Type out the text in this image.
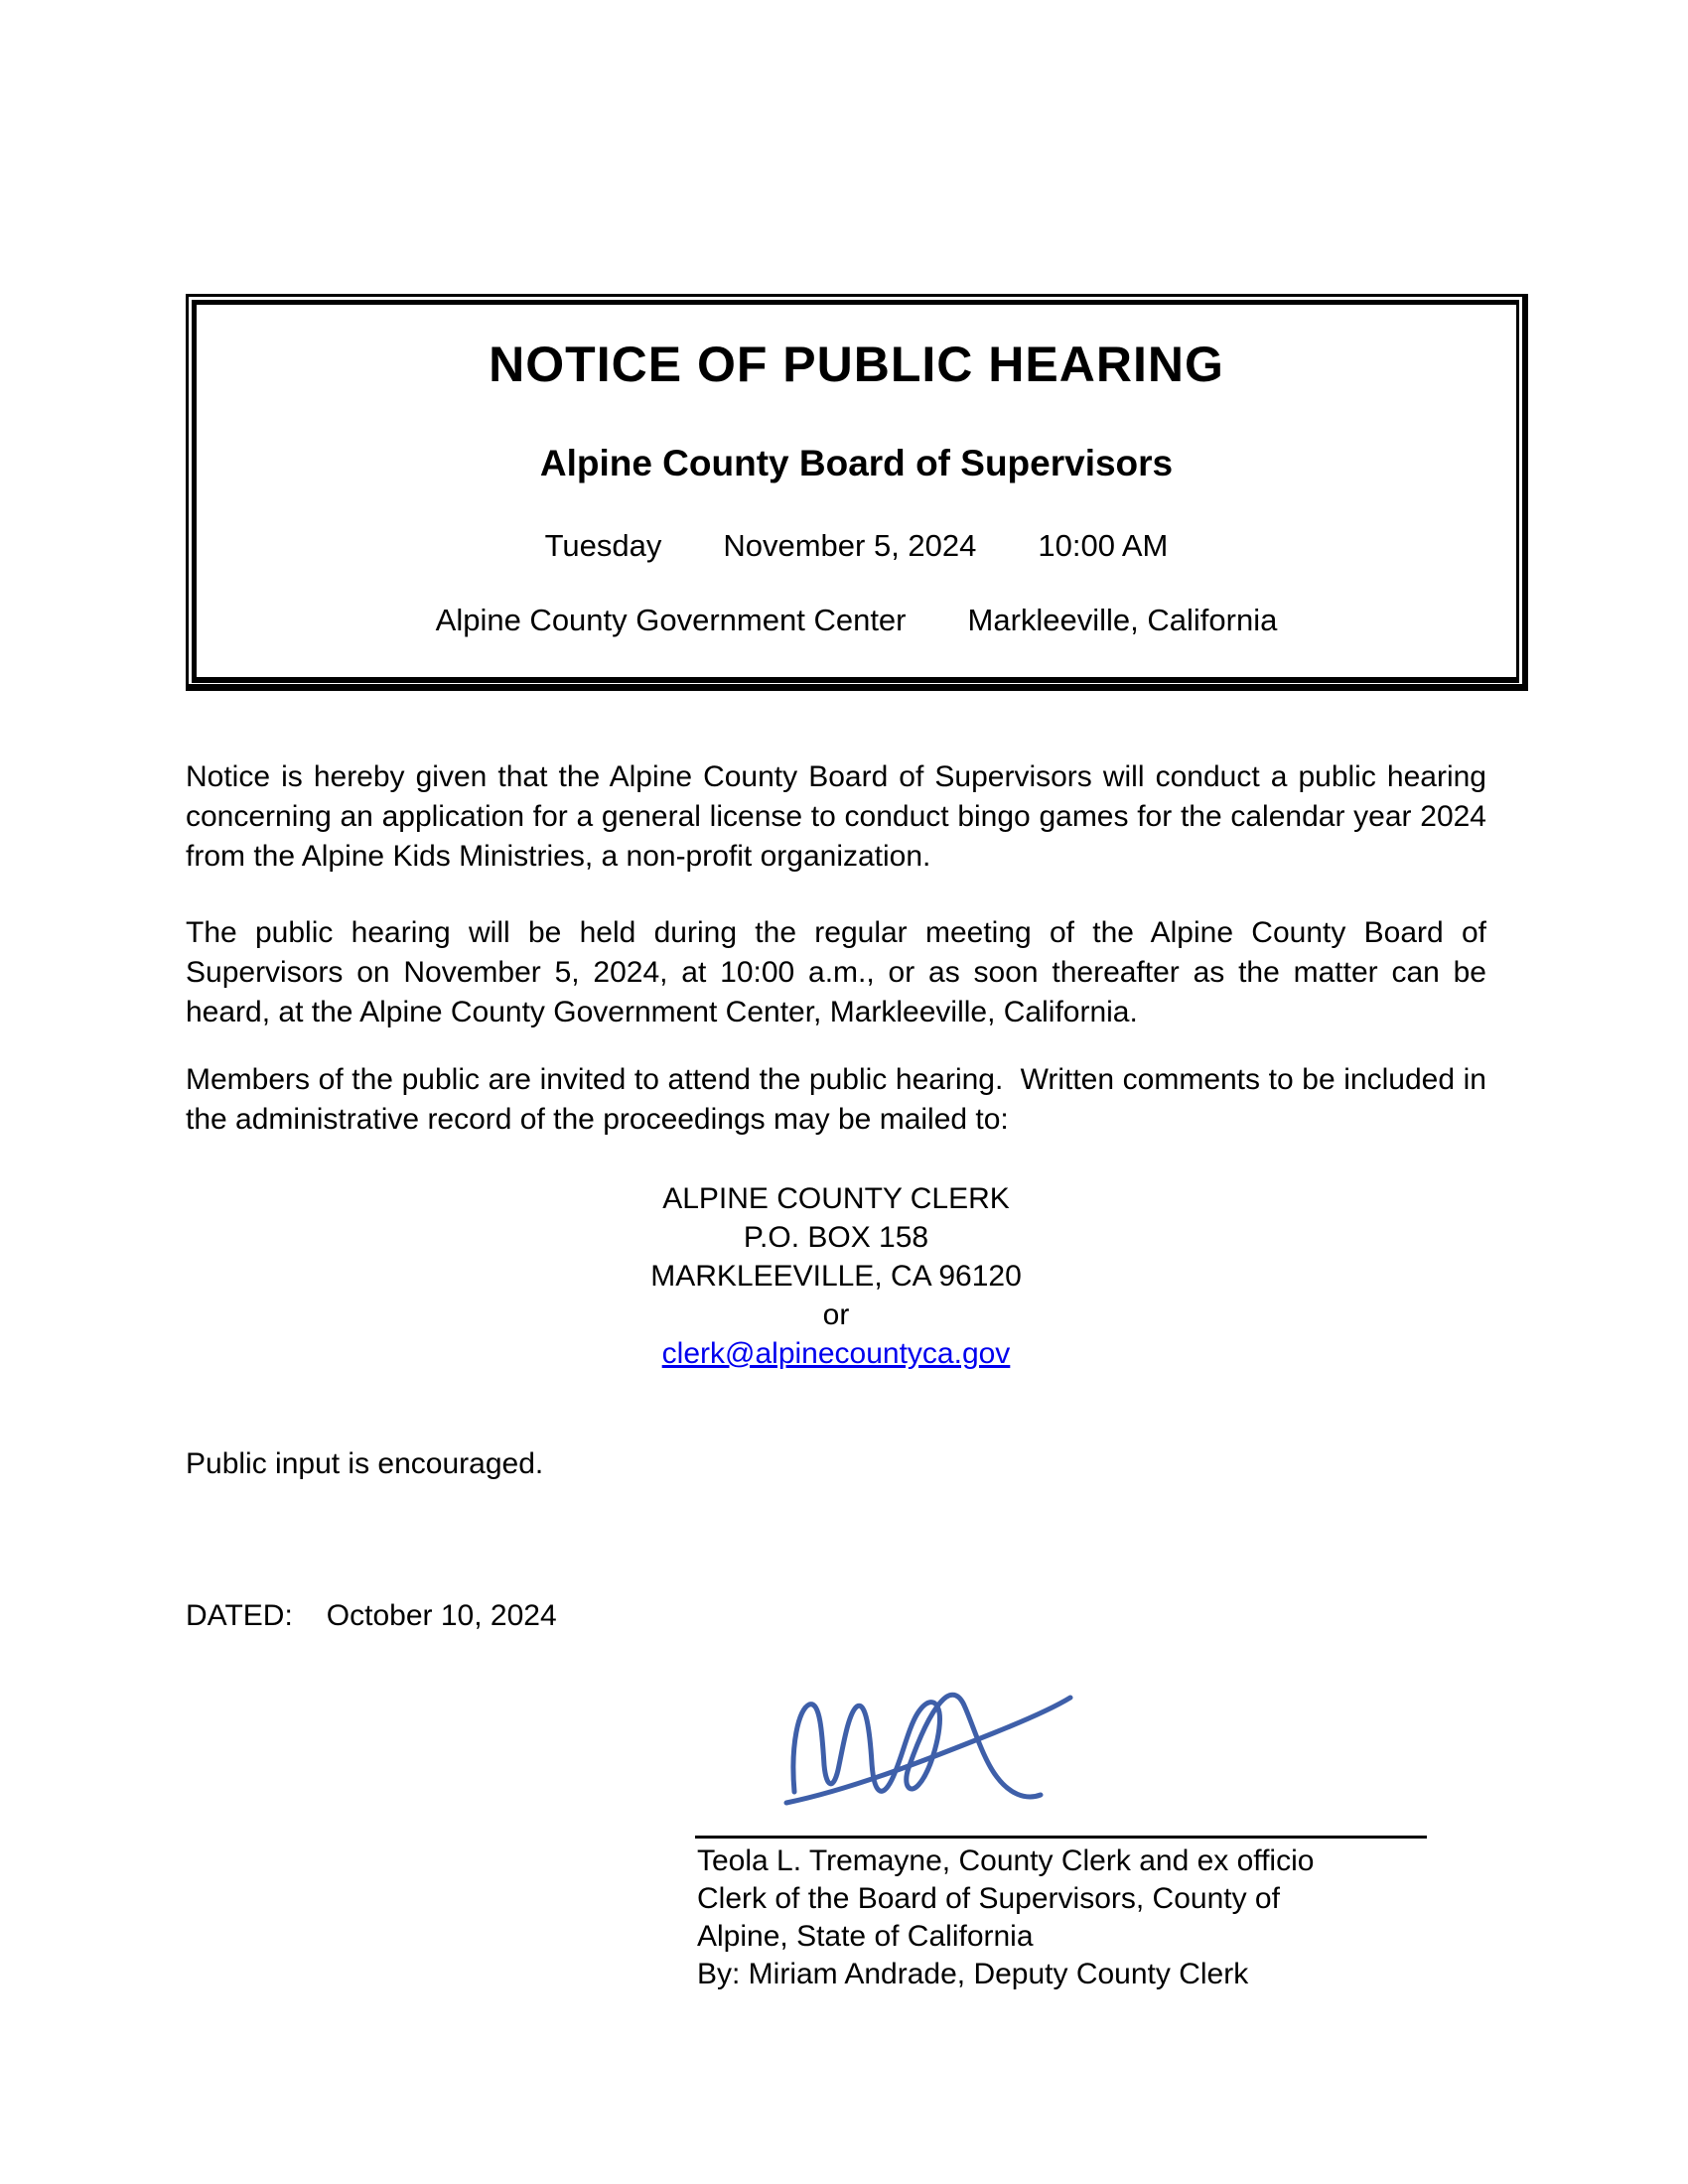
NOTICE OF PUBLIC HEARING
Alpine County Board of Supervisors
Tuesday November 5, 2024 10:00 AM
Alpine County Government Center Markleeville, California
Notice is hereby given that the Alpine County Board of Supervisors will conduct a public hearing concerning an application for a general license to conduct bingo games for the calendar year 2024 from the Alpine Kids Ministries, a non-profit organization.
The public hearing will be held during the regular meeting of the Alpine County Board of Supervisors on November 5, 2024, at 10:00 a.m., or as soon thereafter as the matter can be heard, at the Alpine County Government Center, Markleeville, California.
Members of the public are invited to attend the public hearing.  Written comments to be included in the administrative record of the proceedings may be mailed to:
ALPINE COUNTY CLERK
P.O. BOX 158
MARKLEEVILLE, CA 96120
or
clerk@alpinecountyca.gov
Public input is encouraged.
DATED: October 10, 2024
Teola L. Tremayne, County Clerk and ex officio
Clerk of the Board of Supervisors, County of
Alpine, State of California
By: Miriam Andrade, Deputy County Clerk
